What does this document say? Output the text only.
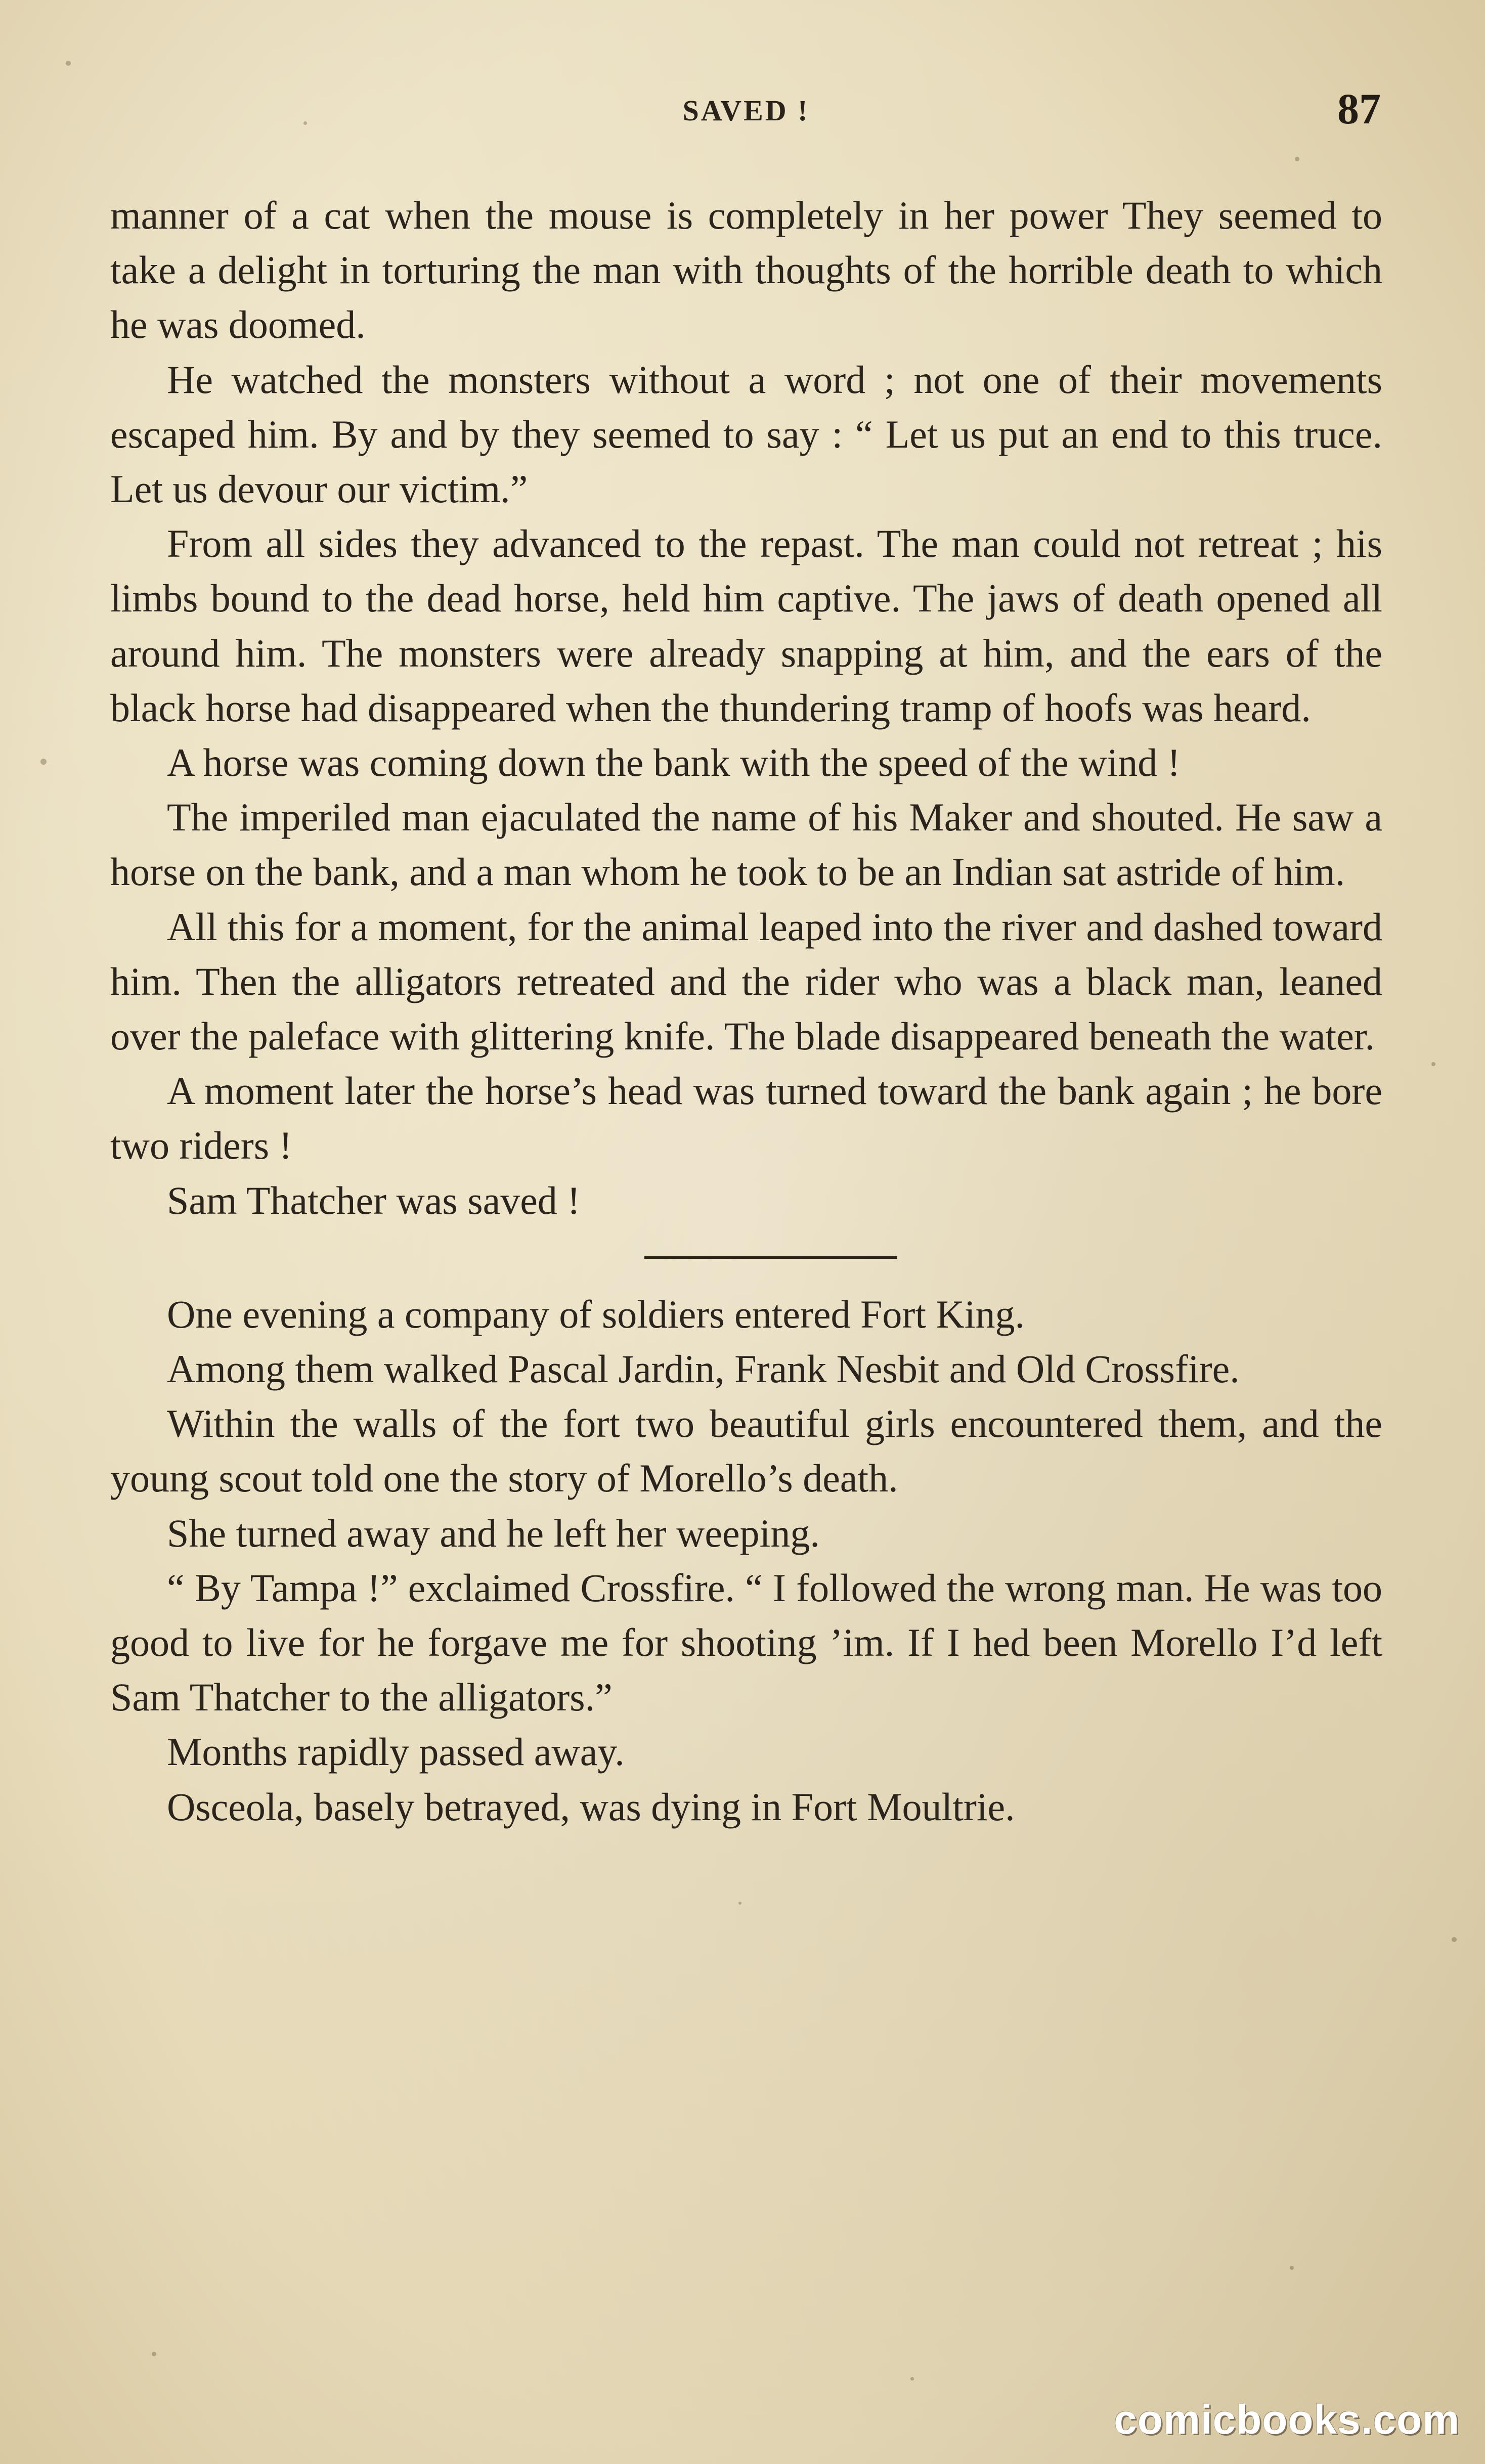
SAVED !	87

manner of a cat when the mouse is completely in her power They seemed to take a delight in torturing the man with thoughts of the horrible death to which he was doomed.

He watched the monsters without a word ; not one of their movements escaped him. By and by they seemed to say : “ Let us put an end to this truce. Let us devour our victim.”

From all sides they advanced to the repast. The man could not retreat ; his limbs bound to the dead horse, held him captive. The jaws of death opened all around him. The monsters were already snapping at him, and the ears of the black horse had disappeared when the thundering tramp of hoofs was heard.

A horse was coming down the bank with the speed of the wind !

The imperiled man ejaculated the name of his Maker and shouted. He saw a horse on the bank, and a man whom he took to be an Indian sat astride of him.

All this for a moment, for the animal leaped into the river and dashed toward him. Then the alligators retreated and the rider who was a black man, leaned over the paleface with glittering knife. The blade disappeared beneath the water.

A moment later the horse’s head was turned toward the bank again ; he bore two riders !

Sam Thatcher was saved !

One evening a company of soldiers entered Fort King.

Among them walked Pascal Jardin, Frank Nesbit and Old Crossfire.

Within the walls of the fort two beautiful girls encountered them, and the young scout told one the story of Morello’s death.

She turned away and he left her weeping.

“ By Tampa !” exclaimed Crossfire. “ I followed the wrong man. He was too good to live for he forgave me for shooting ’im. If I hed been Morello I’d left Sam Thatcher to the alligators.”

Months rapidly passed away.

Osceola, basely betrayed, was dying in Fort Moultrie.

comicbooks.com
